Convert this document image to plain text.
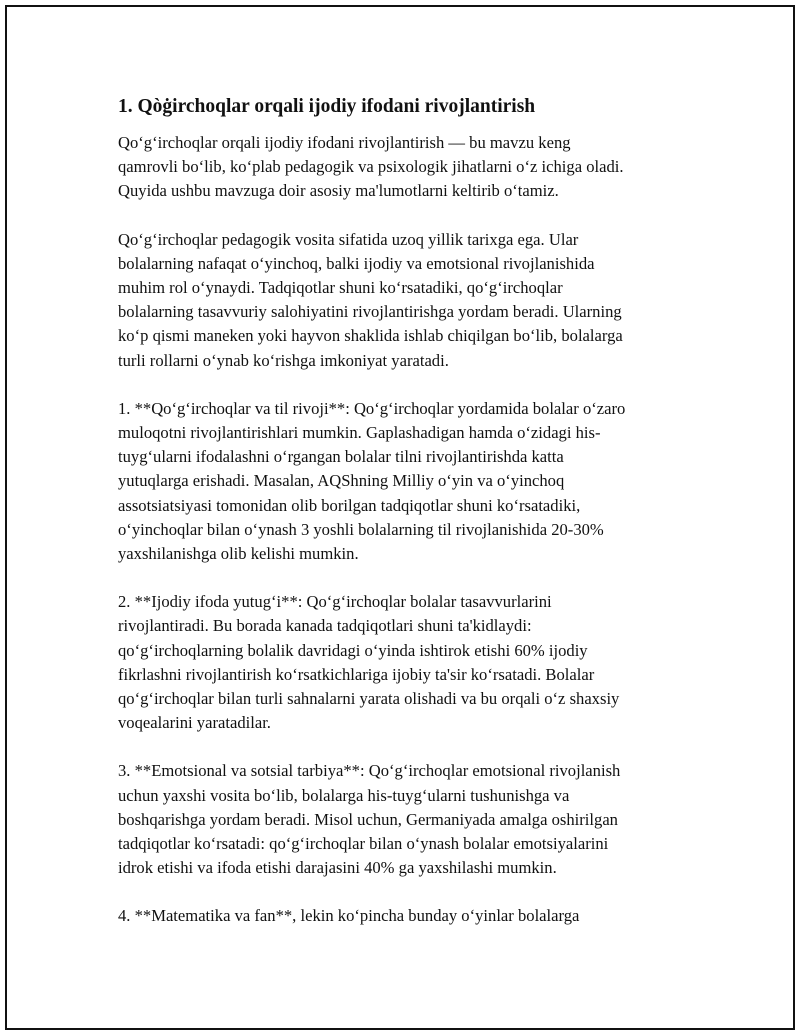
1. Qòġirchoqlar orqali ijodiy ifodani rivojlantirish
Qo‘g‘irchoqlar orqali ijodiy ifodani rivojlantirish — bu mavzu keng
qamrovli bo‘lib, ko‘plab pedagogik va psixologik jihatlarni o‘z ichiga oladi.
Quyida ushbu mavzuga doir asosiy ma'lumotlarni keltirib o‘tamiz.
Qo‘g‘irchoqlar pedagogik vosita sifatida uzoq yillik tarixga ega. Ular
bolalarning nafaqat o‘yinchoq, balki ijodiy va emotsional rivojlanishida
muhim rol o‘ynaydi. Tadqiqotlar shuni ko‘rsatadiki, qo‘g‘irchoqlar
bolalarning tasavvuriy salohiyatini rivojlantirishga yordam beradi. Ularning
ko‘p qismi maneken yoki hayvon shaklida ishlab chiqilgan bo‘lib, bolalarga
turli rollarni o‘ynab ko‘rishga imkoniyat yaratadi.
1. **Qo‘g‘irchoqlar va til rivoji**: Qo‘g‘irchoqlar yordamida bolalar o‘zaro
muloqotni rivojlantirishlari mumkin. Gaplashadigan hamda o‘zidagi his-
tuyg‘ularni ifodalashni o‘rgangan bolalar tilni rivojlantirishda katta
yutuqlarga erishadi. Masalan, AQShning Milliy o‘yin va o‘yinchoq
assotsiatsiyasi tomonidan olib borilgan tadqiqotlar shuni ko‘rsatadiki,
o‘yinchoqlar bilan o‘ynash 3 yoshli bolalarning til rivojlanishida 20-30%
yaxshilanishga olib kelishi mumkin.
2. **Ijodiy ifoda yutug‘i**: Qo‘g‘irchoqlar bolalar tasavvurlarini
rivojlantiradi. Bu borada kanada tadqiqotlari shuni ta'kidlaydi:
qo‘g‘irchoqlarning bolalik davridagi o‘yinda ishtirok etishi 60% ijodiy
fikrlashni rivojlantirish ko‘rsatkichlariga ijobiy ta'sir ko‘rsatadi. Bolalar
qo‘g‘irchoqlar bilan turli sahnalarni yarata olishadi va bu orqali o‘z shaxsiy
voqealarini yaratadilar.
3. **Emotsional va sotsial tarbiya**: Qo‘g‘irchoqlar emotsional rivojlanish
uchun yaxshi vosita bo‘lib, bolalarga his-tuyg‘ularni tushunishga va
boshqarishga yordam beradi. Misol uchun, Germaniyada amalga oshirilgan
tadqiqotlar ko‘rsatadi: qo‘g‘irchoqlar bilan o‘ynash bolalar emotsiyalarini
idrok etishi va ifoda etishi darajasini 40% ga yaxshilashi mumkin.
4. **Matematika va fan**, lekin ko‘pincha bunday o‘yinlar bolalarga
